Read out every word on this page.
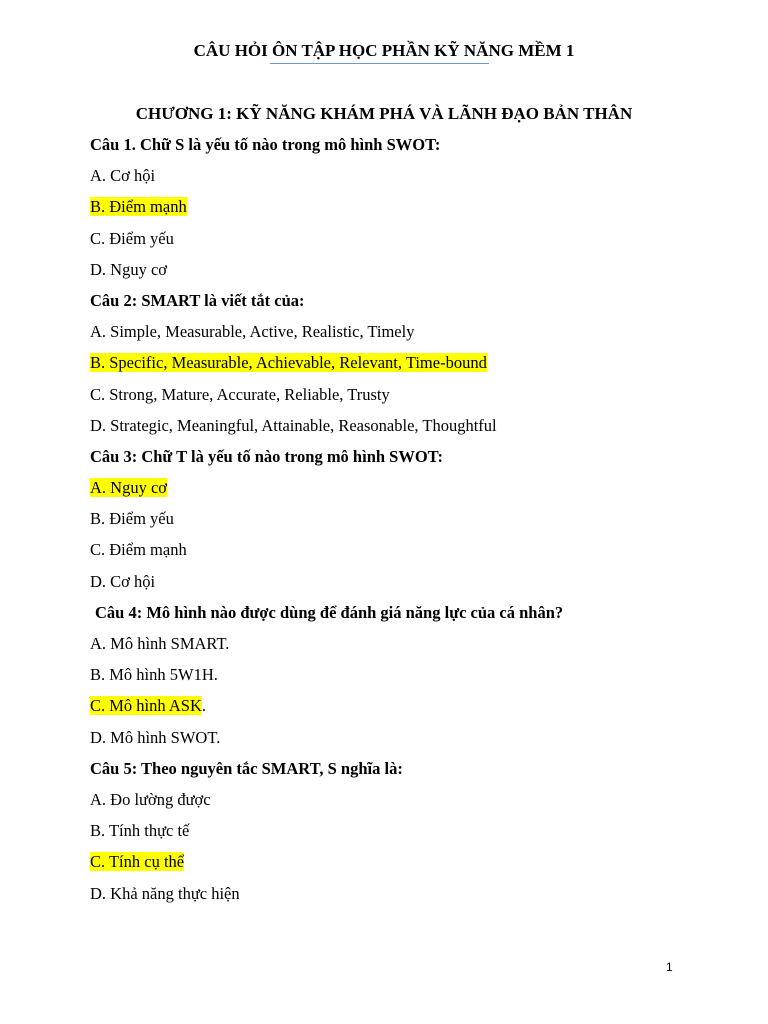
CÂU HỎI ÔN TẬP HỌC PHẦN KỸ NĂNG MỀM 1
CHƯƠNG 1: KỸ NĂNG KHÁM PHÁ VÀ LÃNH ĐẠO BẢN THÂN
Câu 1. Chữ S là yếu tố nào trong mô hình SWOT:
A. Cơ hội
B. Điểm mạnh
C. Điểm yếu
D. Nguy cơ
Câu 2: SMART là viết tắt của:
A. Simple, Measurable, Active, Realistic, Timely
B. Specific, Measurable, Achievable, Relevant, Time-bound
C. Strong, Mature, Accurate, Reliable, Trusty
D. Strategic, Meaningful, Attainable, Reasonable, Thoughtful
Câu 3: Chữ T là yếu tố nào trong mô hình SWOT:
A. Nguy cơ
B. Điểm yếu
C. Điểm mạnh
D. Cơ hội
Câu 4: Mô hình nào được dùng để đánh giá năng lực của cá nhân?
A. Mô hình SMART.
B. Mô hình 5W1H.
C. Mô hình ASK.
D. Mô hình SWOT.
Câu 5: Theo nguyên tắc SMART, S nghĩa là:
A. Đo lường được
B. Tính thực tế
C. Tính cụ thể
D. Khả năng thực hiện
1
